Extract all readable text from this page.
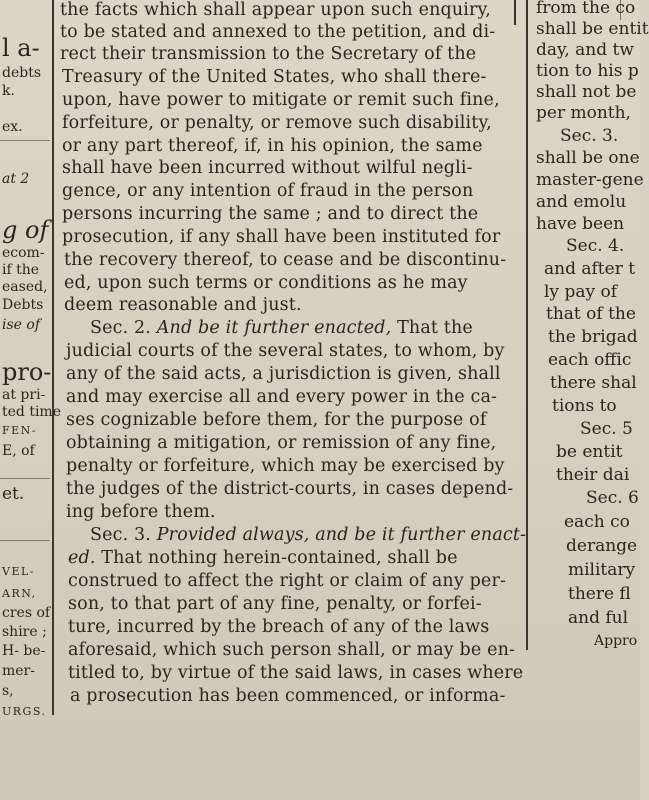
l a-
debts
k.
ex.
at 2
g of
ecom-
if the
eased,
Debts
ise of
pro-
at pri-
ted time
FEN-
E, of
et.
VEL-
ARN,
cres of
shire ;
H- be-
mer-
s,
URGS.
the facts which shall appear upon such enquiry,
to be stated and annexed to the petition, and di-
rect their transmission to the Secretary of the
Treasury of the United States, who shall there-
upon, have power to mitigate or remit such fine,
forfeiture, or penalty, or remove such disability,
or any part thereof, if, in his opinion, the same
shall have been incurred without wilful negli-
gence, or any intention of fraud in the person
persons incurring the same ; and to direct the
prosecution, if any shall have been instituted for
the recovery thereof, to cease and be discontinu-
ed, upon such terms or conditions as he may
deem reasonable and just.
Sec. 2. And be it further enacted, That the
judicial courts of the several states, to whom, by
any of the said acts, a jurisdiction is given, shall
and may exercise all and every power in the ca-
ses cognizable before them, for the purpose of
obtaining a mitigation, or remission of any fine,
penalty or forfeiture, which may be exercised by
the judges of the district-courts, in cases depend-
ing before them.
Sec. 3. Provided always, and be it further enact-
ed. That nothing herein-contained, shall be
construed to affect the right or claim of any per-
son, to that part of any fine, penalty, or forfei-
ture, incurred by the breach of any of the laws
aforesaid, which such person shall, or may be en-
titled to, by virtue of the said laws, in cases where
a prosecution has been commenced, or informa-
from the co
shall be entit
day, and tw
tion to his p
shall not be
per month,
Sec. 3.
shall be one
master-gene
and emolu
have been
Sec. 4.
and after t
ly pay of
that of the
the brigad
each offic
there shal
tions to
Sec. 5
be entit
their dai
Sec. 6
each co
derange
military
there fl
and ful
Appro
